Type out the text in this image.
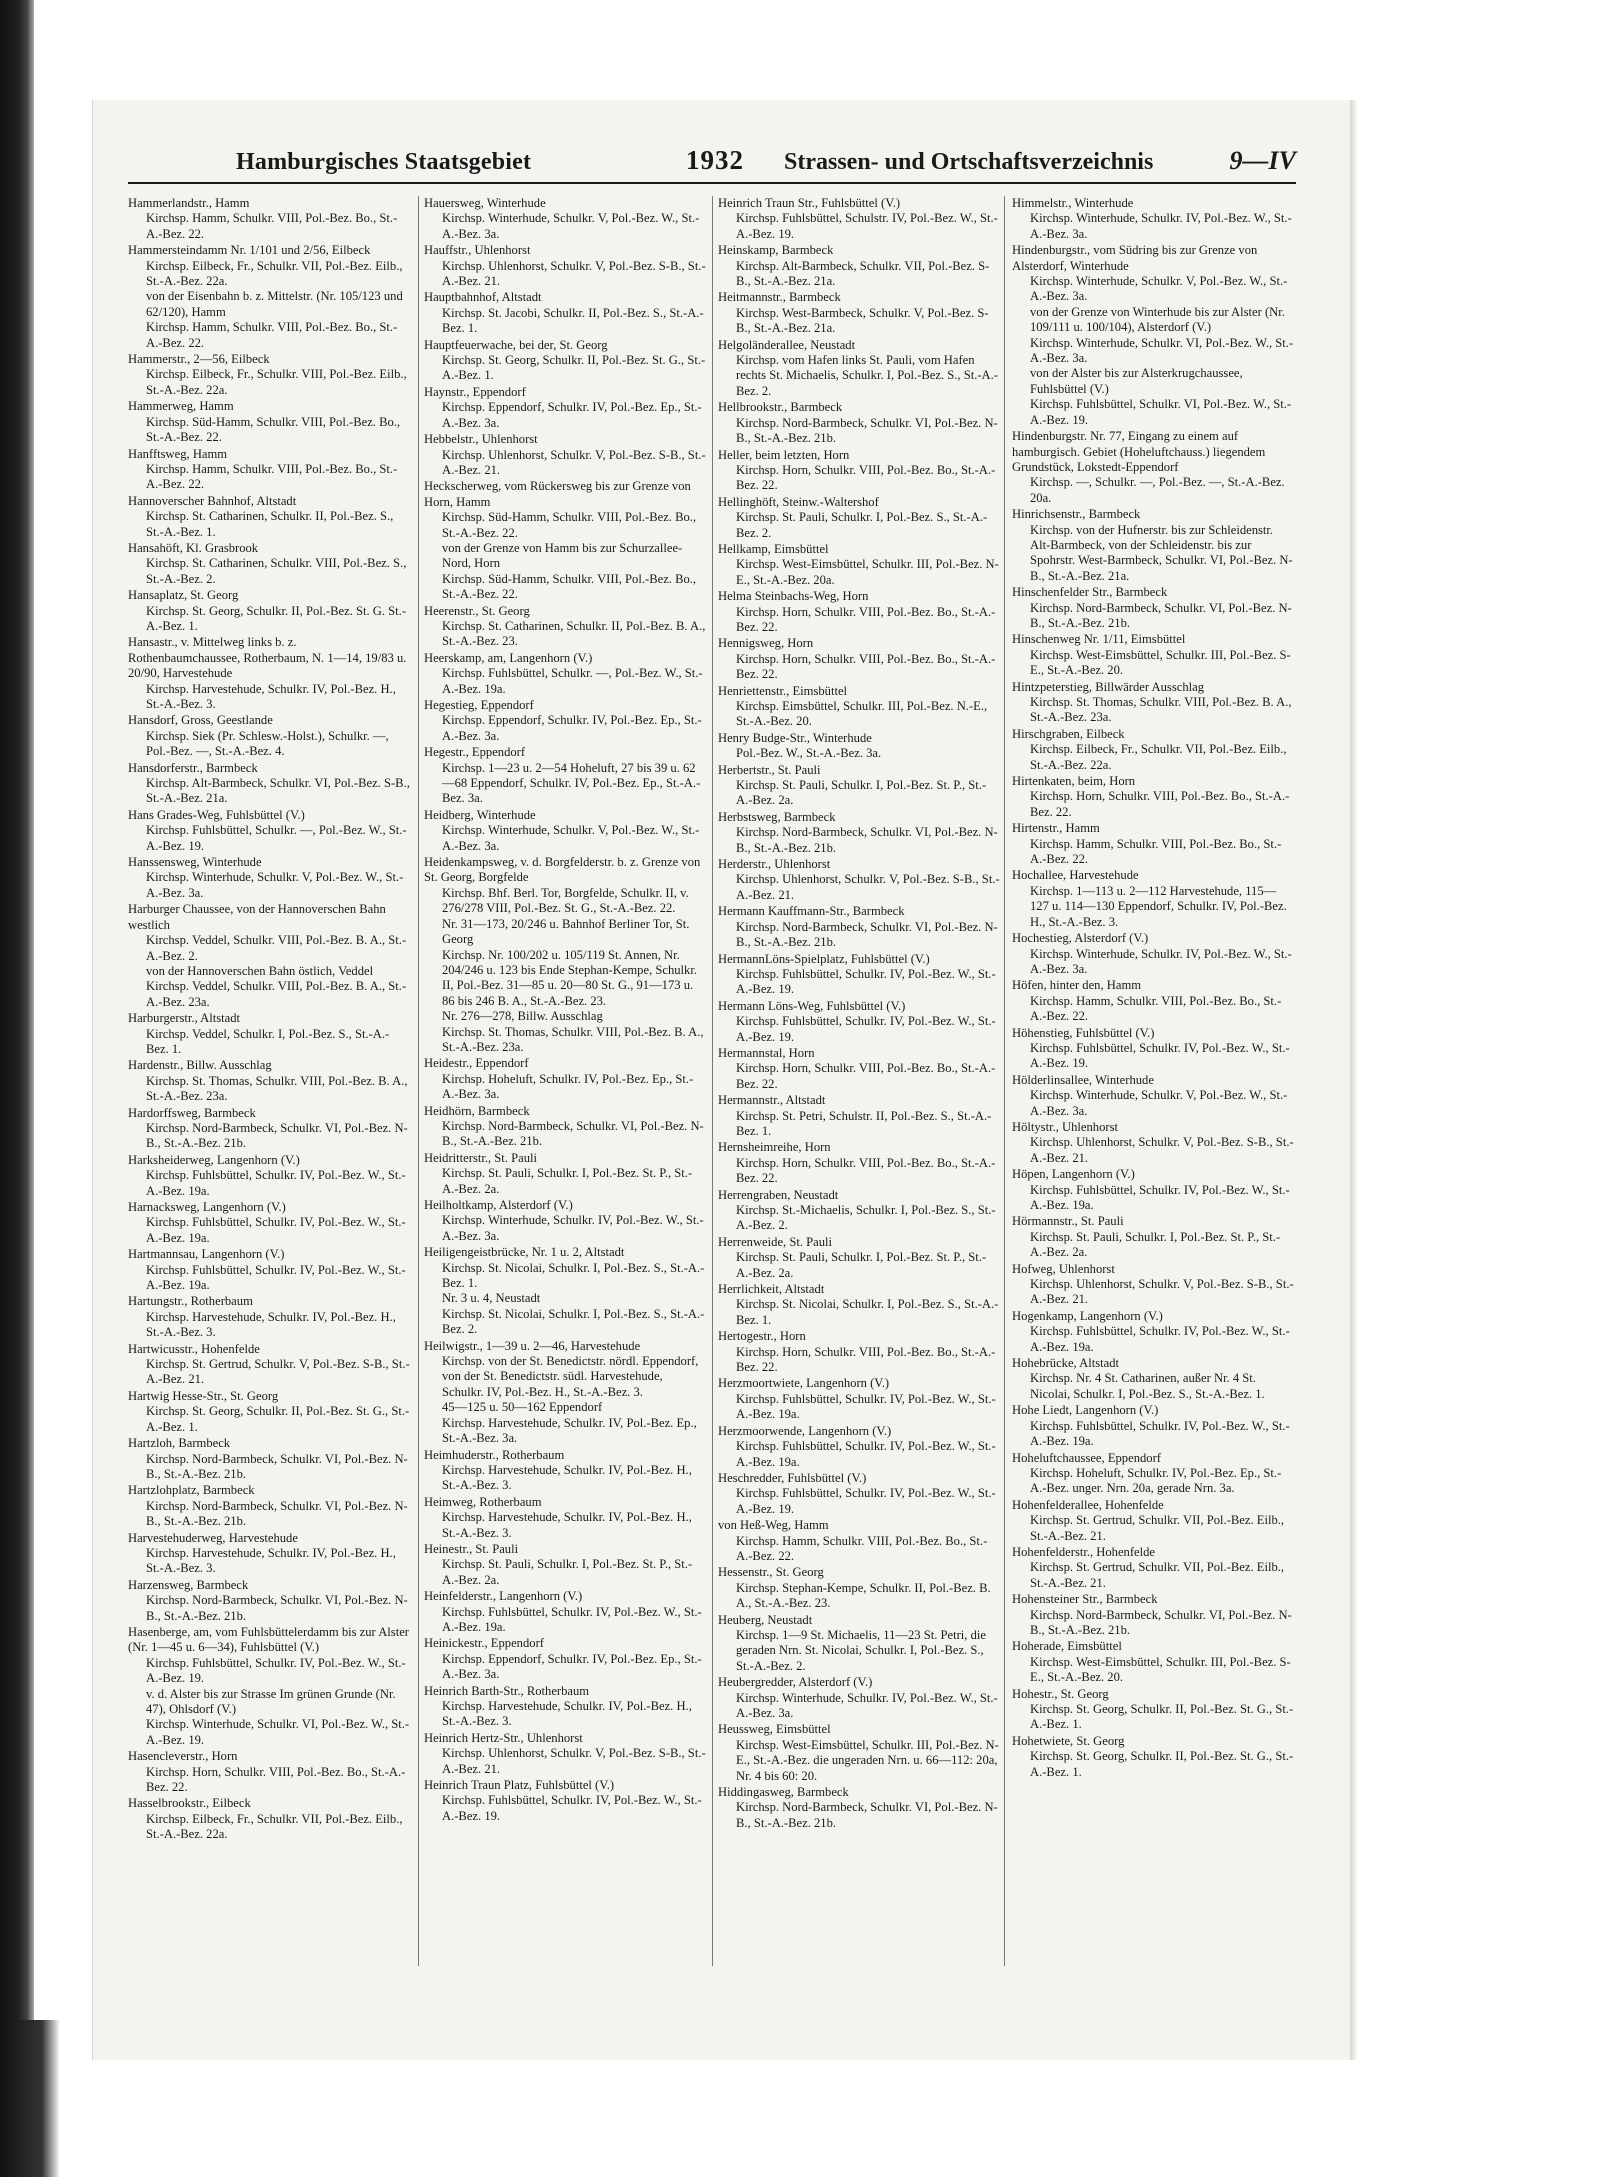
Hamburgisches Staatsgebiet	1932 Strassen- und Ortschaftsverzeichnis	9—IV
Hammerlandstr., Hamm
Kirchsp. Hamm, Schulkr. VIII, Pol.-Bez. Bo., St.-A.-Bez. 22.
Hammersteindamm Nr. 1/101 und 2/56, Eilbeck
Kirchsp. Eilbeck, Fr., Schulkr. VII, Pol.-Bez. Eilb., St.-A.-Bez. 22a.
von der Eisenbahn b. z. Mittelstr. (Nr. 105/123 und 62/120), Hamm
Kirchsp. Hamm, Schulkr. VIII, Pol.-Bez. Bo., St.-A.-Bez. 22.
Hammerstr., 2—56, Eilbeck
Kirchsp. Eilbeck, Fr., Schulkr. VIII, Pol.-Bez. Eilb., St.-A.-Bez. 22a.
Hammerweg, Hamm
Kirchsp. Süd-Hamm, Schulkr. VIII, Pol.-Bez. Bo., St.-A.-Bez. 22.
Hanfftsweg, Hamm
Kirchsp. Hamm, Schulkr. VIII, Pol.-Bez. Bo., St.-A.-Bez. 22.
Hannoverscher Bahnhof, Altstadt
Kirchsp. St. Catharinen, Schulkr. II, Pol.-Bez. S., St.-A.-Bez. 1.
Hansahöft, Kl. Grasbrook
Kirchsp. St. Catharinen, Schulkr. VIII, Pol.-Bez. S., St.-A.-Bez. 2.
Hansaplatz, St. Georg
Kirchsp. St. Georg, Schulkr. II, Pol.-Bez. St. G. St.-A.-Bez. 1.
Hansastr., v. Mittelweg links b. z. Rothenbaumchaussee, Rotherbaum, N. 1—14, 19/83 u. 20/90, Harvestehude
Kirchsp. Harvestehude, Schulkr. IV, Pol.-Bez. H., St.-A.-Bez. 3.
Hansdorf, Gross, Geestlande
Kirchsp. Siek (Pr. Schlesw.-Holst.), Schulkr. —, Pol.-Bez. —, St.-A.-Bez. 4.
Hansdorferstr., Barmbeck
Kirchsp. Alt-Barmbeck, Schulkr. VI, Pol.-Bez. S-B., St.-A.-Bez. 21a.
Hans Grades-Weg, Fuhlsbüttel (V.)
Kirchsp. Fuhlsbüttel, Schulkr. —, Pol.-Bez. W., St.-A.-Bez. 19.
Hanssensweg, Winterhude
Kirchsp. Winterhude, Schulkr. V, Pol.-Bez. W., St.-A.-Bez. 3a.
Harburger Chaussee, von der Hannoverschen Bahn westlich
Kirchsp. Veddel, Schulkr. VIII, Pol.-Bez. B. A., St.-A.-Bez. 2.
von der Hannoverschen Bahn östlich, Veddel
Kirchsp. Veddel, Schulkr. VIII, Pol.-Bez. B. A., St.-A.-Bez. 23a.
Harburgerstr., Altstadt
Kirchsp. Veddel, Schulkr. I, Pol.-Bez. S., St.-A.-Bez. 1.
Hardenstr., Billw. Ausschlag
Kirchsp. St. Thomas, Schulkr. VIII, Pol.-Bez. B. A., St.-A.-Bez. 23a.
Hardorffsweg, Barmbeck
Kirchsp. Nord-Barmbeck, Schulkr. VI, Pol.-Bez. N-B., St.-A.-Bez. 21b.
Harksheiderweg, Langenhorn (V.)
Kirchsp. Fuhlsbüttel, Schulkr. IV, Pol.-Bez. W., St.-A.-Bez. 19a.
Harnacksweg, Langenhorn (V.)
Kirchsp. Fuhlsbüttel, Schulkr. IV, Pol.-Bez. W., St.-A.-Bez. 19a.
Hartmannsau, Langenhorn (V.)
Kirchsp. Fuhlsbüttel, Schulkr. IV, Pol.-Bez. W., St.-A.-Bez. 19a.
Hartungstr., Rotherbaum
Kirchsp. Harvestehude, Schulkr. IV, Pol.-Bez. H., St.-A.-Bez. 3.
Hartwicusstr., Hohenfelde
Kirchsp. St. Gertrud, Schulkr. V, Pol.-Bez. S-B., St.-A.-Bez. 21.
Hartwig Hesse-Str., St. Georg
Kirchsp. St. Georg, Schulkr. II, Pol.-Bez. St. G., St.-A.-Bez. 1.
Hartzloh, Barmbeck
Kirchsp. Nord-Barmbeck, Schulkr. VI, Pol.-Bez. N-B., St.-A.-Bez. 21b.
Hartzlohplatz, Barmbeck
Kirchsp. Nord-Barmbeck, Schulkr. VI, Pol.-Bez. N-B., St.-A.-Bez. 21b.
Harvestehuderweg, Harvestehude
Kirchsp. Harvestehude, Schulkr. IV, Pol.-Bez. H., St.-A.-Bez. 3.
Harzensweg, Barmbeck
Kirchsp. Nord-Barmbeck, Schulkr. VI, Pol.-Bez. N-B., St.-A.-Bez. 21b.
Hasenberge, am, vom Fuhlsbüttelerdamm bis zur Alster (Nr. 1—45 u. 6—34), Fuhlsbüttel (V.)
Kirchsp. Fuhlsbüttel, Schulkr. IV, Pol.-Bez. W., St.-A.-Bez. 19.
v. d. Alster bis zur Strasse Im grünen Grunde (Nr. 47), Ohlsdorf (V.)
Kirchsp. Winterhude, Schulkr. VI, Pol.-Bez. W., St.-A.-Bez. 19.
Hasencleverstr., Horn
Kirchsp. Horn, Schulkr. VIII, Pol.-Bez. Bo., St.-A.-Bez. 22.
Hasselbrookstr., Eilbeck
Kirchsp. Eilbeck, Fr., Schulkr. VII, Pol.-Bez. Eilb., St.-A.-Bez. 22a.
Hauersweg, Winterhude
Kirchsp. Winterhude, Schulkr. V, Pol.-Bez. W., St.-A.-Bez. 3a.
Hauffstr., Uhlenhorst
Kirchsp. Uhlenhorst, Schulkr. V, Pol.-Bez. S-B., St.-A.-Bez. 21.
Hauptbahnhof, Altstadt
Kirchsp. St. Jacobi, Schulkr. II, Pol.-Bez. S., St.-A.-Bez. 1.
Hauptfeuerwache, bei der, St. Georg
Kirchsp. St. Georg, Schulkr. II, Pol.-Bez. St. G., St.-A.-Bez. 1.
Haynstr., Eppendorf
Kirchsp. Eppendorf, Schulkr. IV, Pol.-Bez. Ep., St.-A.-Bez. 3a.
Hebbelstr., Uhlenhorst
Kirchsp. Uhlenhorst, Schulkr. V, Pol.-Bez. S-B., St.-A.-Bez. 21.
Heckscherweg, vom Rückersweg bis zur Grenze von Horn, Hamm
Kirchsp. Süd-Hamm, Schulkr. VIII, Pol.-Bez. Bo., St.-A.-Bez. 22.
von der Grenze von Hamm bis zur Schurzallee-Nord, Horn
Kirchsp. Süd-Hamm, Schulkr. VIII, Pol.-Bez. Bo., St.-A.-Bez. 22.
Heerenstr., St. Georg
Kirchsp. St. Catharinen, Schulkr. II, Pol.-Bez. B. A., St.-A.-Bez. 23.
Heerskamp, am, Langenhorn (V.)
Kirchsp. Fuhlsbüttel, Schulkr. —, Pol.-Bez. W., St.-A.-Bez. 19a.
Hegestieg, Eppendorf
Kirchsp. Eppendorf, Schulkr. IV, Pol.-Bez. Ep., St.-A.-Bez. 3a.
Hegestr., Eppendorf
Kirchsp. 1—23 u. 2—54 Hoheluft, 27 bis 39 u. 62—68 Eppendorf, Schulkr. IV, Pol.-Bez. Ep., St.-A.-Bez. 3a.
Heidberg, Winterhude
Kirchsp. Winterhude, Schulkr. V, Pol.-Bez. W., St.-A.-Bez. 3a.
Heidenkampsweg, v. d. Borgfelderstr. b. z. Grenze von St. Georg, Borgfelde
Kirchsp. Bhf. Berl. Tor, Borgfelde, Schulkr. II, v. 276/278 VIII, Pol.-Bez. St. G., St.-A.-Bez. 22.
Nr. 31—173, 20/246 u. Bahnhof Berliner Tor, St. Georg
Kirchsp. Nr. 100/202 u. 105/119 St. Annen, Nr. 204/246 u. 123 bis Ende Stephan-Kempe, Schulkr. II, Pol.-Bez. 31—85 u. 20—80 St. G., 91—173 u. 86 bis 246 B. A., St.-A.-Bez. 23.
Nr. 276—278, Billw. Ausschlag
Kirchsp. St. Thomas, Schulkr. VIII, Pol.-Bez. B. A., St.-A.-Bez. 23a.
Heidestr., Eppendorf
Kirchsp. Hoheluft, Schulkr. IV, Pol.-Bez. Ep., St.-A.-Bez. 3a.
Heidhörn, Barmbeck
Kirchsp. Nord-Barmbeck, Schulkr. VI, Pol.-Bez. N-B., St.-A.-Bez. 21b.
Heidritterstr., St. Pauli
Kirchsp. St. Pauli, Schulkr. I, Pol.-Bez. St. P., St.-A.-Bez. 2a.
Heilholtkamp, Alsterdorf (V.)
Kirchsp. Winterhude, Schulkr. IV, Pol.-Bez. W., St.-A.-Bez. 3a.
Heiligengeistbrücke, Nr. 1 u. 2, Altstadt
Kirchsp. St. Nicolai, Schulkr. I, Pol.-Bez. S., St.-A.-Bez. 1.
Nr. 3 u. 4, Neustadt
Kirchsp. St. Nicolai, Schulkr. I, Pol.-Bez. S., St.-A.-Bez. 2.
Heilwigstr., 1—39 u. 2—46, Harvestehude
Kirchsp. von der St. Benedictstr. nördl. Eppendorf, von der St. Benedictstr. südl. Harvestehude, Schulkr. IV, Pol.-Bez. H., St.-A.-Bez. 3.
45—125 u. 50—162 Eppendorf
Kirchsp. Harvestehude, Schulkr. IV, Pol.-Bez. Ep., St.-A.-Bez. 3a.
Heimhuderstr., Rotherbaum
Kirchsp. Harvestehude, Schulkr. IV, Pol.-Bez. H., St.-A.-Bez. 3.
Heimweg, Rotherbaum
Kirchsp. Harvestehude, Schulkr. IV, Pol.-Bez. H., St.-A.-Bez. 3.
Heinestr., St. Pauli
Kirchsp. St. Pauli, Schulkr. I, Pol.-Bez. St. P., St.-A.-Bez. 2a.
Heinfelderstr., Langenhorn (V.)
Kirchsp. Fuhlsbüttel, Schulkr. IV, Pol.-Bez. W., St.-A.-Bez. 19a.
Heinickestr., Eppendorf
Kirchsp. Eppendorf, Schulkr. IV, Pol.-Bez. Ep., St.-A.-Bez. 3a.
Heinrich Barth-Str., Rotherbaum
Kirchsp. Harvestehude, Schulkr. IV, Pol.-Bez. H., St.-A.-Bez. 3.
Heinrich Hertz-Str., Uhlenhorst
Kirchsp. Uhlenhorst, Schulkr. V, Pol.-Bez. S-B., St.-A.-Bez. 21.
Heinrich Traun Platz, Fuhlsbüttel (V.)
Kirchsp. Fuhlsbüttel, Schulkr. IV, Pol.-Bez. W., St.-A.-Bez. 19.
Heinrich Traun Str., Fuhlsbüttel (V.)
Kirchsp. Fuhlsbüttel, Schulstr. IV, Pol.-Bez. W., St.-A.-Bez. 19.
Heinskamp, Barmbeck
Kirchsp. Alt-Barmbeck, Schulkr. VII, Pol.-Bez. S-B., St.-A.-Bez. 21a.
Heitmannstr., Barmbeck
Kirchsp. West-Barmbeck, Schulkr. V, Pol.-Bez. S-B., St.-A.-Bez. 21a.
Helgoländerallee, Neustadt
Kirchsp. vom Hafen links St. Pauli, vom Hafen rechts St. Michaelis, Schulkr. I, Pol.-Bez. S., St.-A.-Bez. 2.
Hellbrookstr., Barmbeck
Kirchsp. Nord-Barmbeck, Schulkr. VI, Pol.-Bez. N-B., St.-A.-Bez. 21b.
Heller, beim letzten, Horn
Kirchsp. Horn, Schulkr. VIII, Pol.-Bez. Bo., St.-A.-Bez. 22.
Hellinghöft, Steinw.-Waltershof
Kirchsp. St. Pauli, Schulkr. I, Pol.-Bez. S., St.-A.-Bez. 2.
Hellkamp, Eimsbüttel
Kirchsp. West-Eimsbüttel, Schulkr. III, Pol.-Bez. N-E., St.-A.-Bez. 20a.
Helma Steinbachs-Weg, Horn
Kirchsp. Horn, Schulkr. VIII, Pol.-Bez. Bo., St.-A.-Bez. 22.
Hennigsweg, Horn
Kirchsp. Horn, Schulkr. VIII, Pol.-Bez. Bo., St.-A.-Bez. 22.
Henriettenstr., Eimsbüttel
Kirchsp. Eimsbüttel, Schulkr. III, Pol.-Bez. N.-E., St.-A.-Bez. 20.
Henry Budge-Str., Winterhude
Pol.-Bez. W., St.-A.-Bez. 3a.
Herbertstr., St. Pauli
Kirchsp. St. Pauli, Schulkr. I, Pol.-Bez. St. P., St.-A.-Bez. 2a.
Herbstsweg, Barmbeck
Kirchsp. Nord-Barmbeck, Schulkr. VI, Pol.-Bez. N-B., St.-A.-Bez. 21b.
Herderstr., Uhlenhorst
Kirchsp. Uhlenhorst, Schulkr. V, Pol.-Bez. S-B., St.-A.-Bez. 21.
Hermann Kauffmann-Str., Barmbeck
Kirchsp. Nord-Barmbeck, Schulkr. VI, Pol.-Bez. N-B., St.-A.-Bez. 21b.
HermannLöns-Spielplatz, Fuhlsbüttel (V.)
Kirchsp. Fuhlsbüttel, Schulkr. IV, Pol.-Bez. W., St.-A.-Bez. 19.
Hermann Löns-Weg, Fuhlsbüttel (V.)
Kirchsp. Fuhlsbüttel, Schulkr. IV, Pol.-Bez. W., St.-A.-Bez. 19.
Hermannstal, Horn
Kirchsp. Horn, Schulkr. VIII, Pol.-Bez. Bo., St.-A.-Bez. 22.
Hermannstr., Altstadt
Kirchsp. St. Petri, Schulstr. II, Pol.-Bez. S., St.-A.-Bez. 1.
Hernsheimreihe, Horn
Kirchsp. Horn, Schulkr. VIII, Pol.-Bez. Bo., St.-A.-Bez. 22.
Herrengraben, Neustadt
Kirchsp. St.-Michaelis, Schulkr. I, Pol.-Bez. S., St.-A.-Bez. 2.
Herrenweide, St. Pauli
Kirchsp. St. Pauli, Schulkr. I, Pol.-Bez. St. P., St.-A.-Bez. 2a.
Herrlichkeit, Altstadt
Kirchsp. St. Nicolai, Schulkr. I, Pol.-Bez. S., St.-A.-Bez. 1.
Hertogestr., Horn
Kirchsp. Horn, Schulkr. VIII, Pol.-Bez. Bo., St.-A.-Bez. 22.
Herzmoortwiete, Langenhorn (V.)
Kirchsp. Fuhlsbüttel, Schulkr. IV, Pol.-Bez. W., St.-A.-Bez. 19a.
Herzmoorwende, Langenhorn (V.)
Kirchsp. Fuhlsbüttel, Schulkr. IV, Pol.-Bez. W., St.-A.-Bez. 19a.
Heschredder, Fuhlsbüttel (V.)
Kirchsp. Fuhlsbüttel, Schulkr. IV, Pol.-Bez. W., St.-A.-Bez. 19.
von Heß-Weg, Hamm
Kirchsp. Hamm, Schulkr. VIII, Pol.-Bez. Bo., St.-A.-Bez. 22.
Hessenstr., St. Georg
Kirchsp. Stephan-Kempe, Schulkr. II, Pol.-Bez. B. A., St.-A.-Bez. 23.
Heuberg, Neustadt
Kirchsp. 1—9 St. Michaelis, 11—23 St. Petri, die geraden Nrn. St. Nicolai, Schulkr. I, Pol.-Bez. S., St.-A.-Bez. 2.
Heubergredder, Alsterdorf (V.)
Kirchsp. Winterhude, Schulkr. IV, Pol.-Bez. W., St.-A.-Bez. 3a.
Heussweg, Eimsbüttel
Kirchsp. West-Eimsbüttel, Schulkr. III, Pol.-Bez. N-E., St.-A.-Bez. die ungeraden Nrn. u. 66—112: 20a, Nr. 4 bis 60: 20.
Hiddingasweg, Barmbeck
Kirchsp. Nord-Barmbeck, Schulkr. VI, Pol.-Bez. N-B., St.-A.-Bez. 21b.
Himmelstr., Winterhude
Kirchsp. Winterhude, Schulkr. IV, Pol.-Bez. W., St.-A.-Bez. 3a.
Hindenburgstr., vom Südring bis zur Grenze von Alsterdorf, Winterhude
Kirchsp. Winterhude, Schulkr. V, Pol.-Bez. W., St.-A.-Bez. 3a.
von der Grenze von Winterhude bis zur Alster (Nr. 109/111 u. 100/104), Alsterdorf (V.)
Kirchsp. Winterhude, Schulkr. VI, Pol.-Bez. W., St.-A.-Bez. 3a.
von der Alster bis zur Alsterkrugchaussee, Fuhlsbüttel (V.)
Kirchsp. Fuhlsbüttel, Schulkr. VI, Pol.-Bez. W., St.-A.-Bez. 19.
Hindenburgstr. Nr. 77, Eingang zu einem auf hamburgisch. Gebiet (Hoheluftchauss.) liegendem Grundstück, Lokstedt-Eppendorf
Kirchsp. —, Schulkr. —, Pol.-Bez. —, St.-A.-Bez. 20a.
Hinrichsenstr., Barmbeck
Kirchsp. von der Hufnerstr. bis zur Schleidenstr. Alt-Barmbeck, von der Schleidenstr. bis zur Spohrstr. West-Barmbeck, Schulkr. VI, Pol.-Bez. N-B., St.-A.-Bez. 21a.
Hinschenfelder Str., Barmbeck
Kirchsp. Nord-Barmbeck, Schulkr. VI, Pol.-Bez. N-B., St.-A.-Bez. 21b.
Hinschenweg Nr. 1/11, Eimsbüttel
Kirchsp. West-Eimsbüttel, Schulkr. III, Pol.-Bez. S-E., St.-A.-Bez. 20.
Hintzpeterstieg, Billwärder Ausschlag
Kirchsp. St. Thomas, Schulkr. VIII, Pol.-Bez. B. A., St.-A.-Bez. 23a.
Hirschgraben, Eilbeck
Kirchsp. Eilbeck, Fr., Schulkr. VII, Pol.-Bez. Eilb., St.-A.-Bez. 22a.
Hirtenkaten, beim, Horn
Kirchsp. Horn, Schulkr. VIII, Pol.-Bez. Bo., St.-A.-Bez. 22.
Hirtenstr., Hamm
Kirchsp. Hamm, Schulkr. VIII, Pol.-Bez. Bo., St.-A.-Bez. 22.
Hochallee, Harvestehude
Kirchsp. 1—113 u. 2—112 Harvestehude, 115—127 u. 114—130 Eppendorf, Schulkr. IV, Pol.-Bez. H., St.-A.-Bez. 3.
Hochestieg, Alsterdorf (V.)
Kirchsp. Winterhude, Schulkr. IV, Pol.-Bez. W., St.-A.-Bez. 3a.
Höfen, hinter den, Hamm
Kirchsp. Hamm, Schulkr. VIII, Pol.-Bez. Bo., St.-A.-Bez. 22.
Höhenstieg, Fuhlsbüttel (V.)
Kirchsp. Fuhlsbüttel, Schulkr. IV, Pol.-Bez. W., St.-A.-Bez. 19.
Hölderlinsallee, Winterhude
Kirchsp. Winterhude, Schulkr. V, Pol.-Bez. W., St.-A.-Bez. 3a.
Höltystr., Uhlenhorst
Kirchsp. Uhlenhorst, Schulkr. V, Pol.-Bez. S-B., St.-A.-Bez. 21.
Höpen, Langenhorn (V.)
Kirchsp. Fuhlsbüttel, Schulkr. IV, Pol.-Bez. W., St.-A.-Bez. 19a.
Hörmannstr., St. Pauli
Kirchsp. St. Pauli, Schulkr. I, Pol.-Bez. St. P., St.-A.-Bez. 2a.
Hofweg, Uhlenhorst
Kirchsp. Uhlenhorst, Schulkr. V, Pol.-Bez. S-B., St.-A.-Bez. 21.
Hogenkamp, Langenhorn (V.)
Kirchsp. Fuhlsbüttel, Schulkr. IV, Pol.-Bez. W., St.-A.-Bez. 19a.
Hohebrücke, Altstadt
Kirchsp. Nr. 4 St. Catharinen, außer Nr. 4 St. Nicolai, Schulkr. I, Pol.-Bez. S., St.-A.-Bez. 1.
Hohe Liedt, Langenhorn (V.)
Kirchsp. Fuhlsbüttel, Schulkr. IV, Pol.-Bez. W., St.-A.-Bez. 19a.
Hoheluftchaussee, Eppendorf
Kirchsp. Hoheluft, Schulkr. IV, Pol.-Bez. Ep., St.-A.-Bez. unger. Nrn. 20a, gerade Nrn. 3a.
Hohenfelderallee, Hohenfelde
Kirchsp. St. Gertrud, Schulkr. VII, Pol.-Bez. Eilb., St.-A.-Bez. 21.
Hohenfelderstr., Hohenfelde
Kirchsp. St. Gertrud, Schulkr. VII, Pol.-Bez. Eilb., St.-A.-Bez. 21.
Hohensteiner Str., Barmbeck
Kirchsp. Nord-Barmbeck, Schulkr. VI, Pol.-Bez. N-B., St.-A.-Bez. 21b.
Hoherade, Eimsbüttel
Kirchsp. West-Eimsbüttel, Schulkr. III, Pol.-Bez. S-E., St.-A.-Bez. 20.
Hohestr., St. Georg
Kirchsp. St. Georg, Schulkr. II, Pol.-Bez. St. G., St.-A.-Bez. 1.
Hohetwiete, St. Georg
Kirchsp. St. Georg, Schulkr. II, Pol.-Bez. St. G., St.-A.-Bez. 1.
